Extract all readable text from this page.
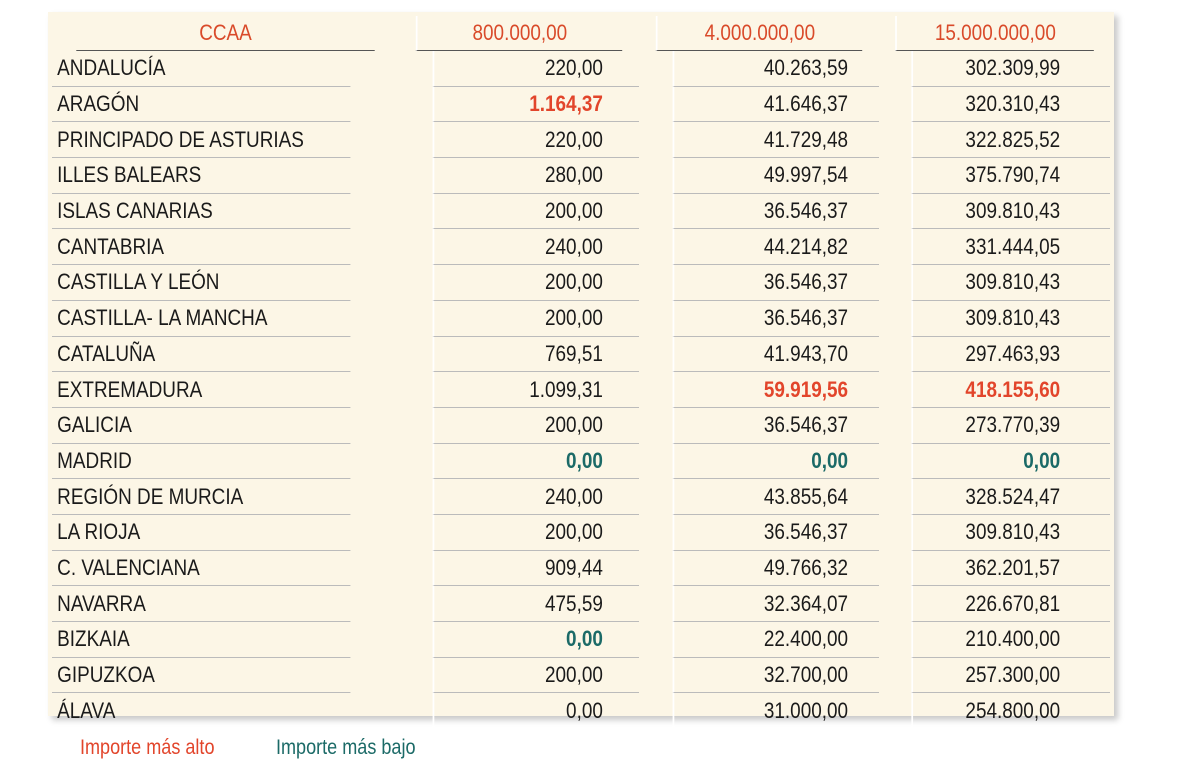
CCAA	800.000,00	4.000.000,00	15.000.000,00
ANDALUCÍA	220,00	40.263,59	302.309,99
ARAGÓN	1.164,37	41.646,37	320.310,43
PRINCIPADO DE ASTURIAS	220,00	41.729,48	322.825,52
ILLES BALEARS	280,00	49.997,54	375.790,74
ISLAS CANARIAS	200,00	36.546,37	309.810,43
CANTABRIA	240,00	44.214,82	331.444,05
CASTILLA Y LEÓN	200,00	36.546,37	309.810,43
CASTILLA- LA MANCHA	200,00	36.546,37	309.810,43
CATALUÑA	769,51	41.943,70	297.463,93
EXTREMADURA	1.099,31	59.919,56	418.155,60
GALICIA	200,00	36.546,37	273.770,39
MADRID	0,00	0,00	0,00
REGIÓN DE MURCIA	240,00	43.855,64	328.524,47
LA RIOJA	200,00	36.546,37	309.810,43
C. VALENCIANA	909,44	49.766,32	362.201,57
NAVARRA	475,59	32.364,07	226.670,81
BIZKAIA	0,00	22.400,00	210.400,00
GIPUZKOA	200,00	32.700,00	257.300,00
ÁLAVA	0,00	31.000,00	254.800,00
Importe más alto	Importe más bajo
